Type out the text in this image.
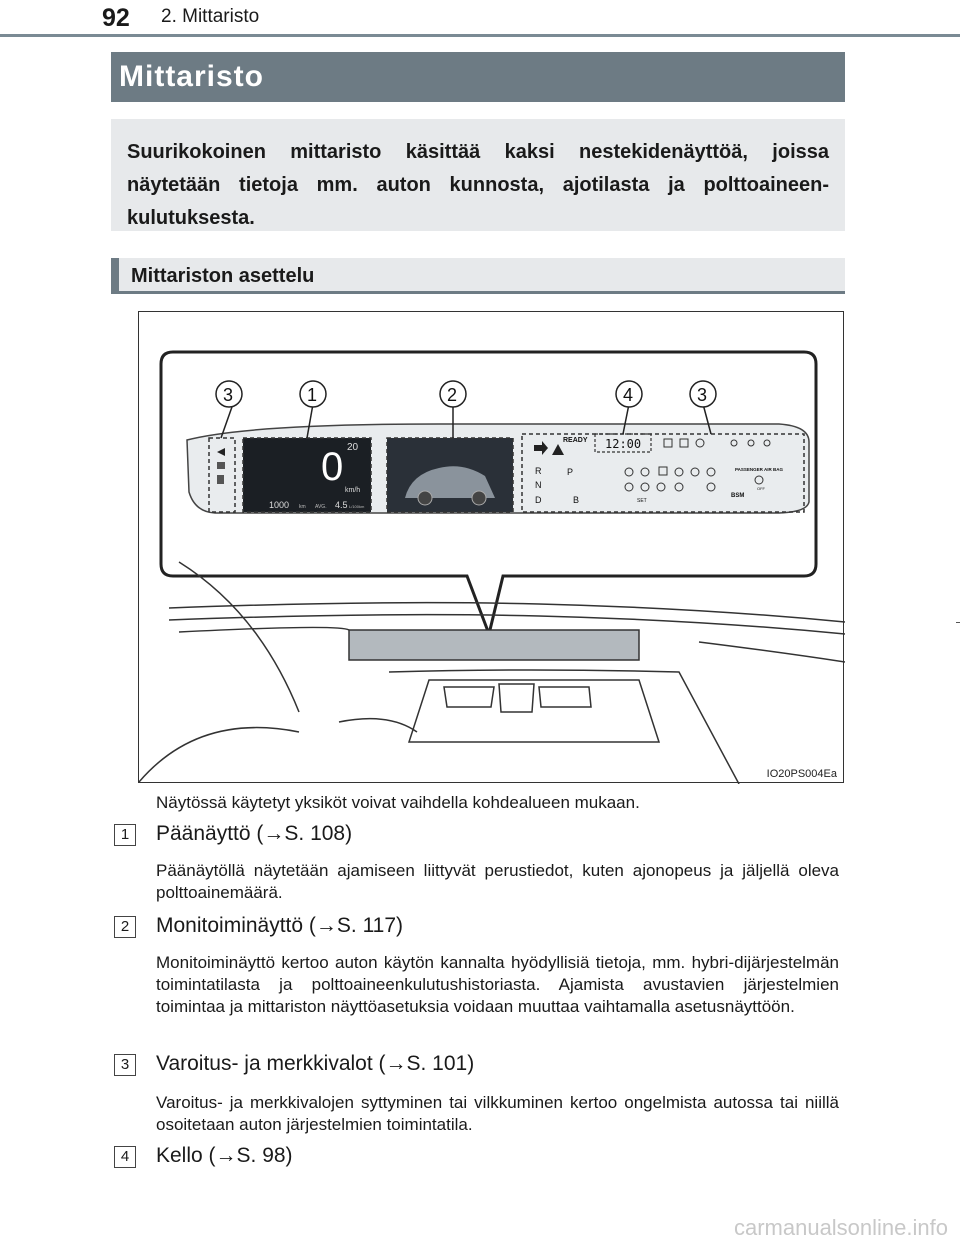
92 2. Mittaristo
Mittaristo
Suurikokoinen mittaristo käsittää kaksi nestekidenäyttöä, joissa näytetään tietoja mm. auton kunnosta, ajotilasta ja polttoaineen-kulutuksesta.
Mittariston asettelu
0
km/h
20
1000 km AVG. 4.5 L/100km
12:00
READY
R
N
D
P
B
PASSENGER AIR BAG
BSM
SET
OFF
3	1	2	4	3
IO20PS004Ea
Näytössä käytetyt yksiköt voivat vaihdella kohdealueen mukaan.
1	Päänäyttö (→S. 108)
Päänäytöllä näytetään ajamiseen liittyvät perustiedot, kuten ajonopeus ja jäljellä oleva polttoainemäärä.
2	Monitoiminäyttö (→S. 117)
Monitoiminäyttö kertoo auton käytön kannalta hyödyllisiä tietoja, mm. hybri-dijärjestelmän toimintatilasta ja polttoaineenkulutushistoriasta. Ajamista avustavien järjestelmien toimintaa ja mittariston näyttöasetuksia voidaan muuttaa vaihtamalla asetusnäyttöön.
3	Varoitus- ja merkkivalot (→S. 101)
Varoitus- ja merkkivalojen syttyminen tai vilkkuminen kertoo ongelmista autossa tai niillä osoitetaan auton järjestelmien toimintatila.
4	Kello (→S. 98)
carmanualsonline.info
